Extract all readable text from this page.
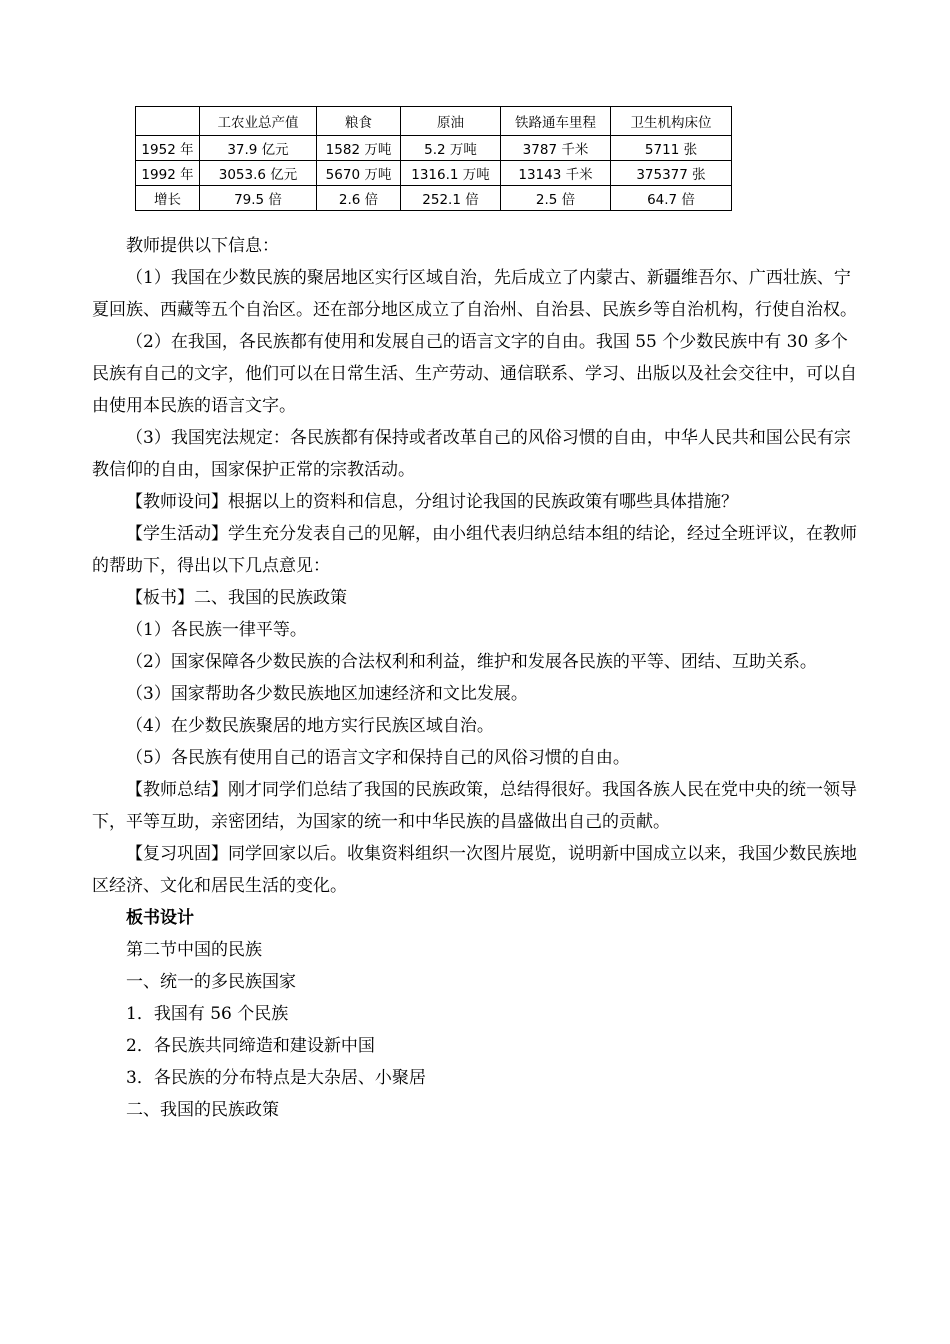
	工农业总产值	粮食	原油	铁路通车里程	卫生机构床位
1952 年	37.9 亿元	1582 万吨	5.2 万吨	3787 千米	5711 张
1992 年	3053.6 亿元	5670 万吨	1316.1 万吨	13143 千米	375377 张
增长	79.5 倍	2.6 倍	252.1 倍	2.5 倍	64.7 倍

教师提供以下信息：

（1）我国在少数民族的聚居地区实行区域自治，先后成立了内蒙古、新疆维吾尔、广西壮族、宁夏回族、西藏等五个自治区。还在部分地区成立了自治州、自治县、民族乡等自治机构，行使自治权。

（2）在我国，各民族都有使用和发展自己的语言文字的自由。我国 55 个少数民族中有 30 多个民族有自己的文字，他们可以在日常生活、生产劳动、通信联系、学习、出版以及社会交往中，可以自由使用本民族的语言文字。

（3）我国宪法规定：各民族都有保持或者改革自己的风俗习惯的自由，中华人民共和国公民有宗教信仰的自由，国家保护正常的宗教活动。

【教师设问】根据以上的资料和信息，分组讨论我国的民族政策有哪些具体措施？

【学生活动】学生充分发表自己的见解，由小组代表归纳总结本组的结论，经过全班评议，在教师的帮助下，得出以下几点意见：

【板书】二、我国的民族政策

（1）各民族一律平等。

（2）国家保障各少数民族的合法权利和利益，维护和发展各民族的平等、团结、互助关系。

（3）国家帮助各少数民族地区加速经济和文比发展。

（4）在少数民族聚居的地方实行民族区域自治。

（5）各民族有使用自己的语言文字和保持自己的风俗习惯的自由。

【教师总结】刚才同学们总结了我国的民族政策，总结得很好。我国各族人民在党中央的统一领导下，平等互助，亲密团结，为国家的统一和中华民族的昌盛做出自己的贡献。

【复习巩固】同学回家以后。收集资料组织一次图片展览，说明新中国成立以来，我国少数民族地区经济、文化和居民生活的变化。

板书设计

第二节中国的民族

一、统一的多民族国家

1．我国有 56 个民族

2．各民族共同缔造和建设新中国

3．各民族的分布特点是大杂居、小聚居

二、我国的民族政策
